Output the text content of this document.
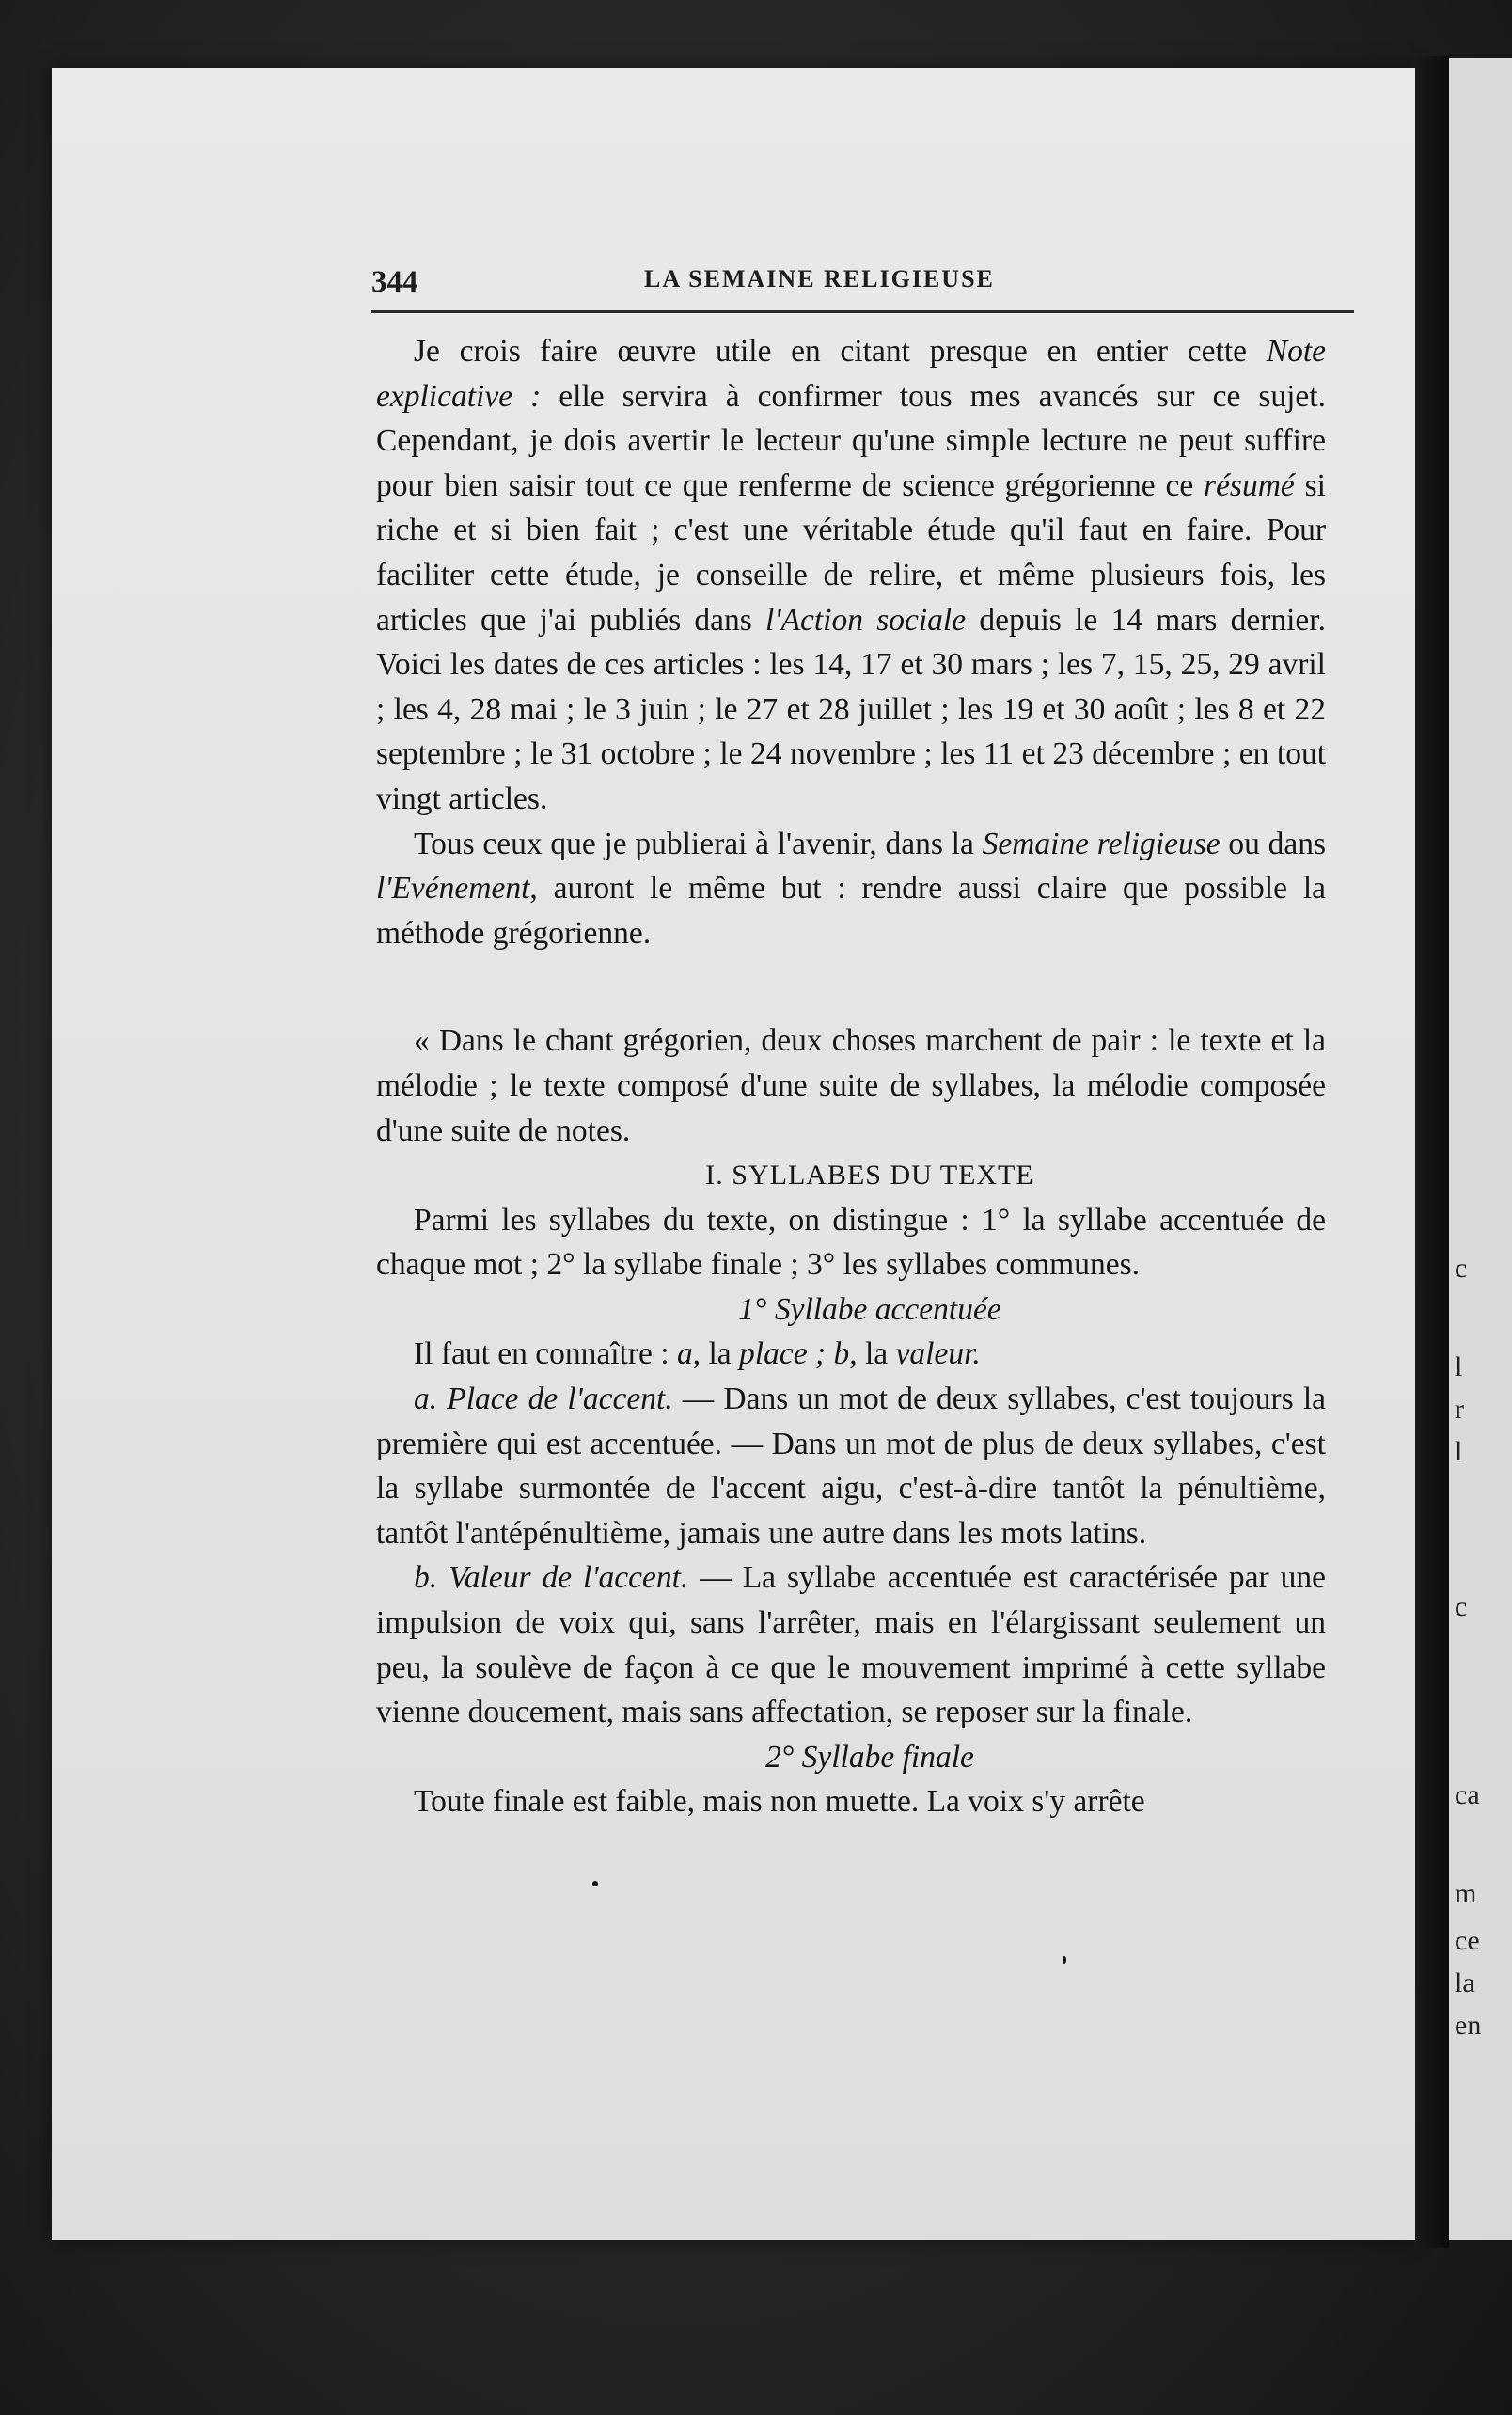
c
l
r
l
c
ca
m
ce
la
en
344	LA SEMAINE RELIGIEUSE

Je crois faire œuvre utile en citant presque en entier cette Note explicative : elle servira à confirmer tous mes avancés sur ce sujet. Cependant, je dois avertir le lecteur qu'une simple lecture ne peut suffire pour bien saisir tout ce que renferme de science grégorienne ce résumé si riche et si bien fait ; c'est une véritable étude qu'il faut en faire. Pour faciliter cette étude, je conseille de relire, et même plusieurs fois, les articles que j'ai publiés dans l'Action sociale depuis le 14 mars dernier. Voici les dates de ces articles : les 14, 17 et 30 mars ; les 7, 15, 25, 29 avril ; les 4, 28 mai ; le 3 juin ; le 27 et 28 juillet ; les 19 et 30 août ; les 8 et 22 septembre ; le 31 octobre ; le 24 novembre ; les 11 et 23 décembre ; en tout vingt articles.

Tous ceux que je publierai à l'avenir, dans la Semaine religieuse ou dans l'Evénement, auront le même but : rendre aussi claire que possible la méthode grégorienne.

« Dans le chant grégorien, deux choses marchent de pair : le texte et la mélodie ; le texte composé d'une suite de syllabes, la mélodie composée d'une suite de notes.

I. SYLLABES DU TEXTE

Parmi les syllabes du texte, on distingue : 1° la syllabe accentuée de chaque mot ; 2° la syllabe finale ; 3° les syllabes communes.

1° Syllabe accentuée

Il faut en connaître : a, la place ; b, la valeur.

a. Place de l'accent. — Dans un mot de deux syllabes, c'est toujours la première qui est accentuée. — Dans un mot de plus de deux syllabes, c'est la syllabe surmontée de l'accent aigu, c'est-à-dire tantôt la pénultième, tantôt l'antépénultième, jamais une autre dans les mots latins.

b. Valeur de l'accent. — La syllabe accentuée est caractérisée par une impulsion de voix qui, sans l'arrêter, mais en l'élargissant seulement un peu, la soulève de façon à ce que le mouvement imprimé à cette syllabe vienne doucement, mais sans affectation, se reposer sur la finale.

2° Syllabe finale

Toute finale est faible, mais non muette. La voix s'y arrête
